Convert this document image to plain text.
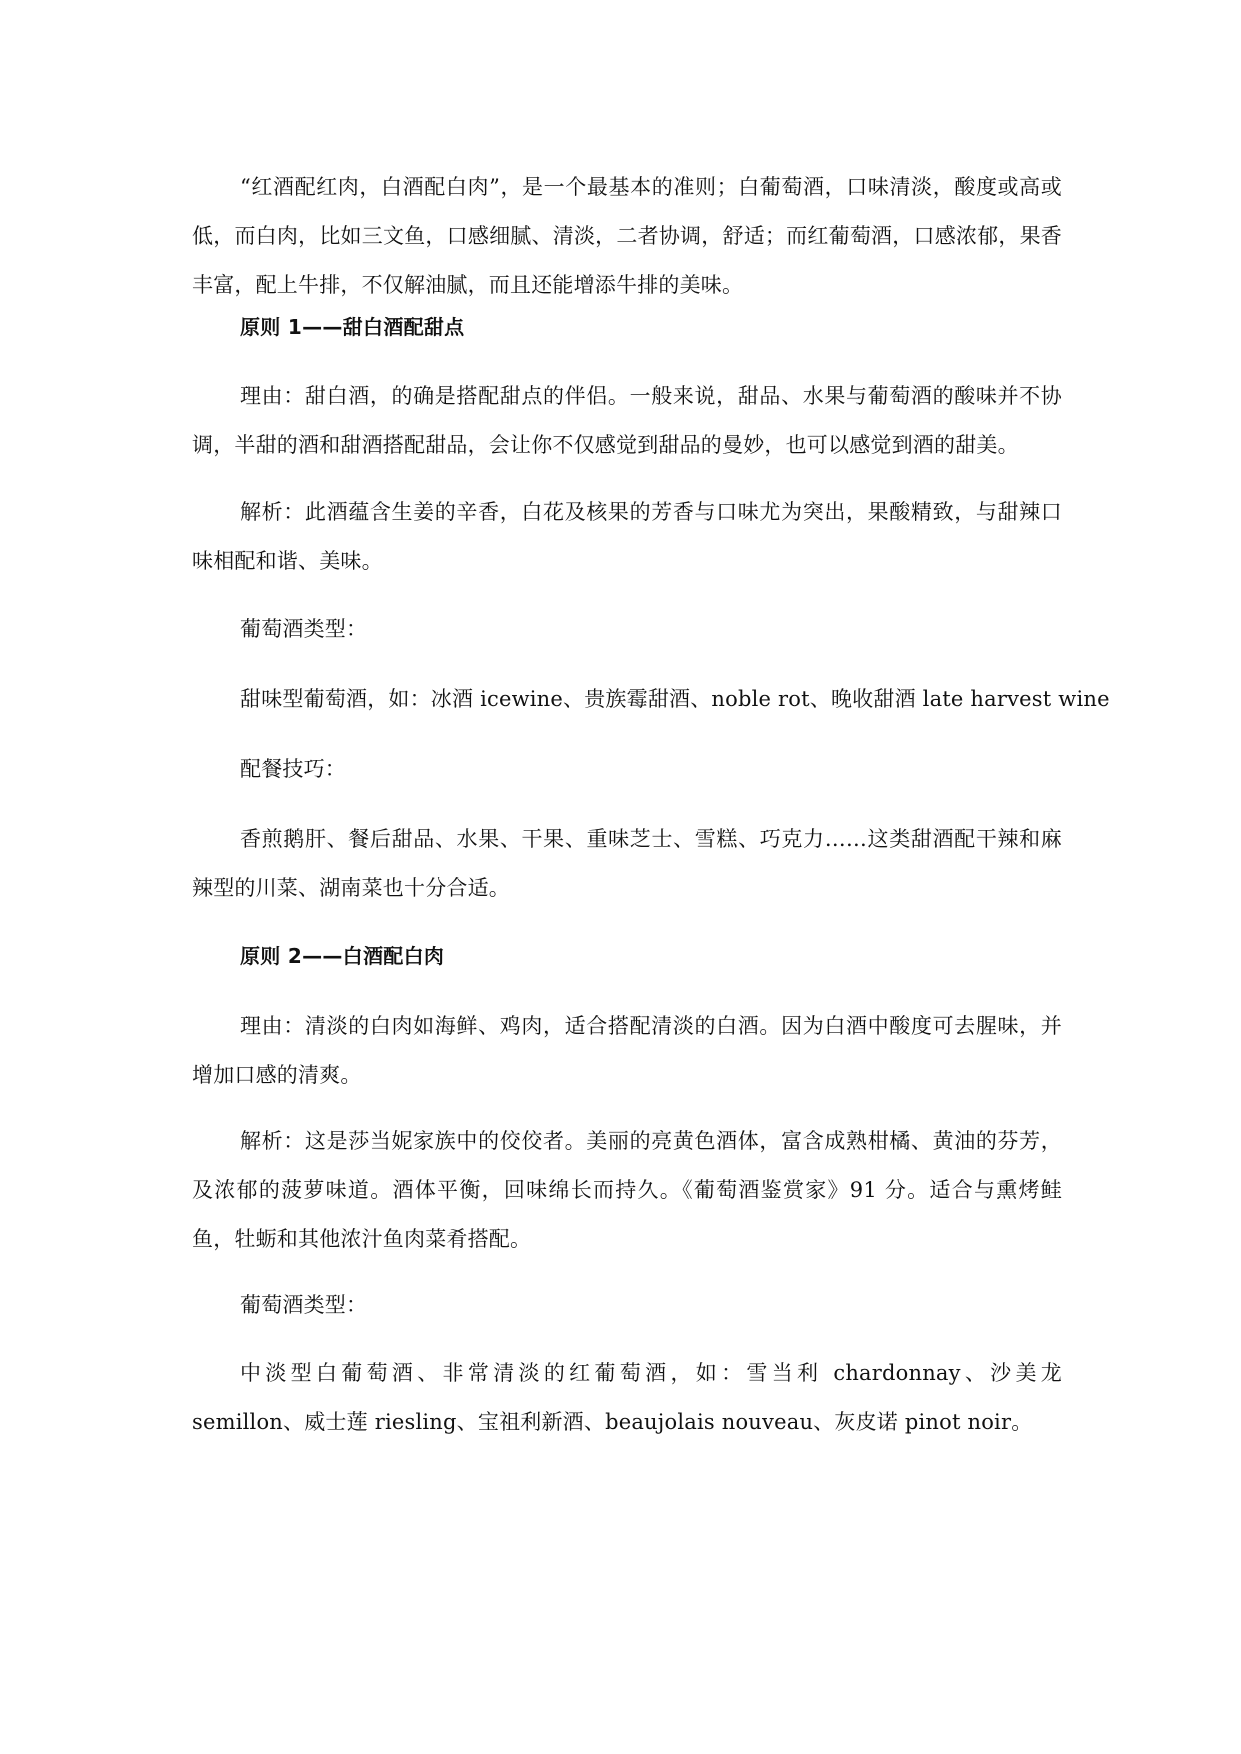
“红酒配红肉，白酒配白肉”，是一个最基本的准则；白葡萄酒，口味清淡，酸度或高或低，而白肉，比如三文鱼，口感细腻、清淡，二者协调，舒适；而红葡萄酒，口感浓郁，果香丰富，配上牛排，不仅解油腻，而且还能增添牛排的美味。

原则 1——甜白酒配甜点

理由：甜白酒，的确是搭配甜点的伴侣。一般来说，甜品、水果与葡萄酒的酸味并不协调，半甜的酒和甜酒搭配甜品，会让你不仅感觉到甜品的曼妙，也可以感觉到酒的甜美。

解析：此酒蕴含生姜的辛香，白花及核果的芳香与口味尤为突出，果酸精致，与甜辣口味相配和谐、美味。

葡萄酒类型：

甜味型葡萄酒，如：冰酒 icewine、贵族霉甜酒、noble rot、晚收甜酒 late harvest wine

配餐技巧：

香煎鹅肝、餐后甜品、水果、干果、重味芝士、雪糕、巧克力……这类甜酒配干辣和麻辣型的川菜、湖南菜也十分合适。

原则 2——白酒配白肉

理由：清淡的白肉如海鲜、鸡肉，适合搭配清淡的白酒。因为白酒中酸度可去腥味，并增加口感的清爽。

解析：这是莎当妮家族中的佼佼者。美丽的亮黄色酒体，富含成熟柑橘、黄油的芬芳，及浓郁的菠萝味道。酒体平衡，回味绵长而持久。《葡萄酒鉴赏家》91 分。适合与熏烤鲑鱼，牡蛎和其他浓汁鱼肉菜肴搭配。

葡萄酒类型：

中淡型白葡萄酒、非常清淡的红葡萄酒，如：雪当利 chardonnay、沙美龙 semillon、威士莲 riesling、宝祖利新酒、beaujolais nouveau、灰皮诺 pinot noir。
